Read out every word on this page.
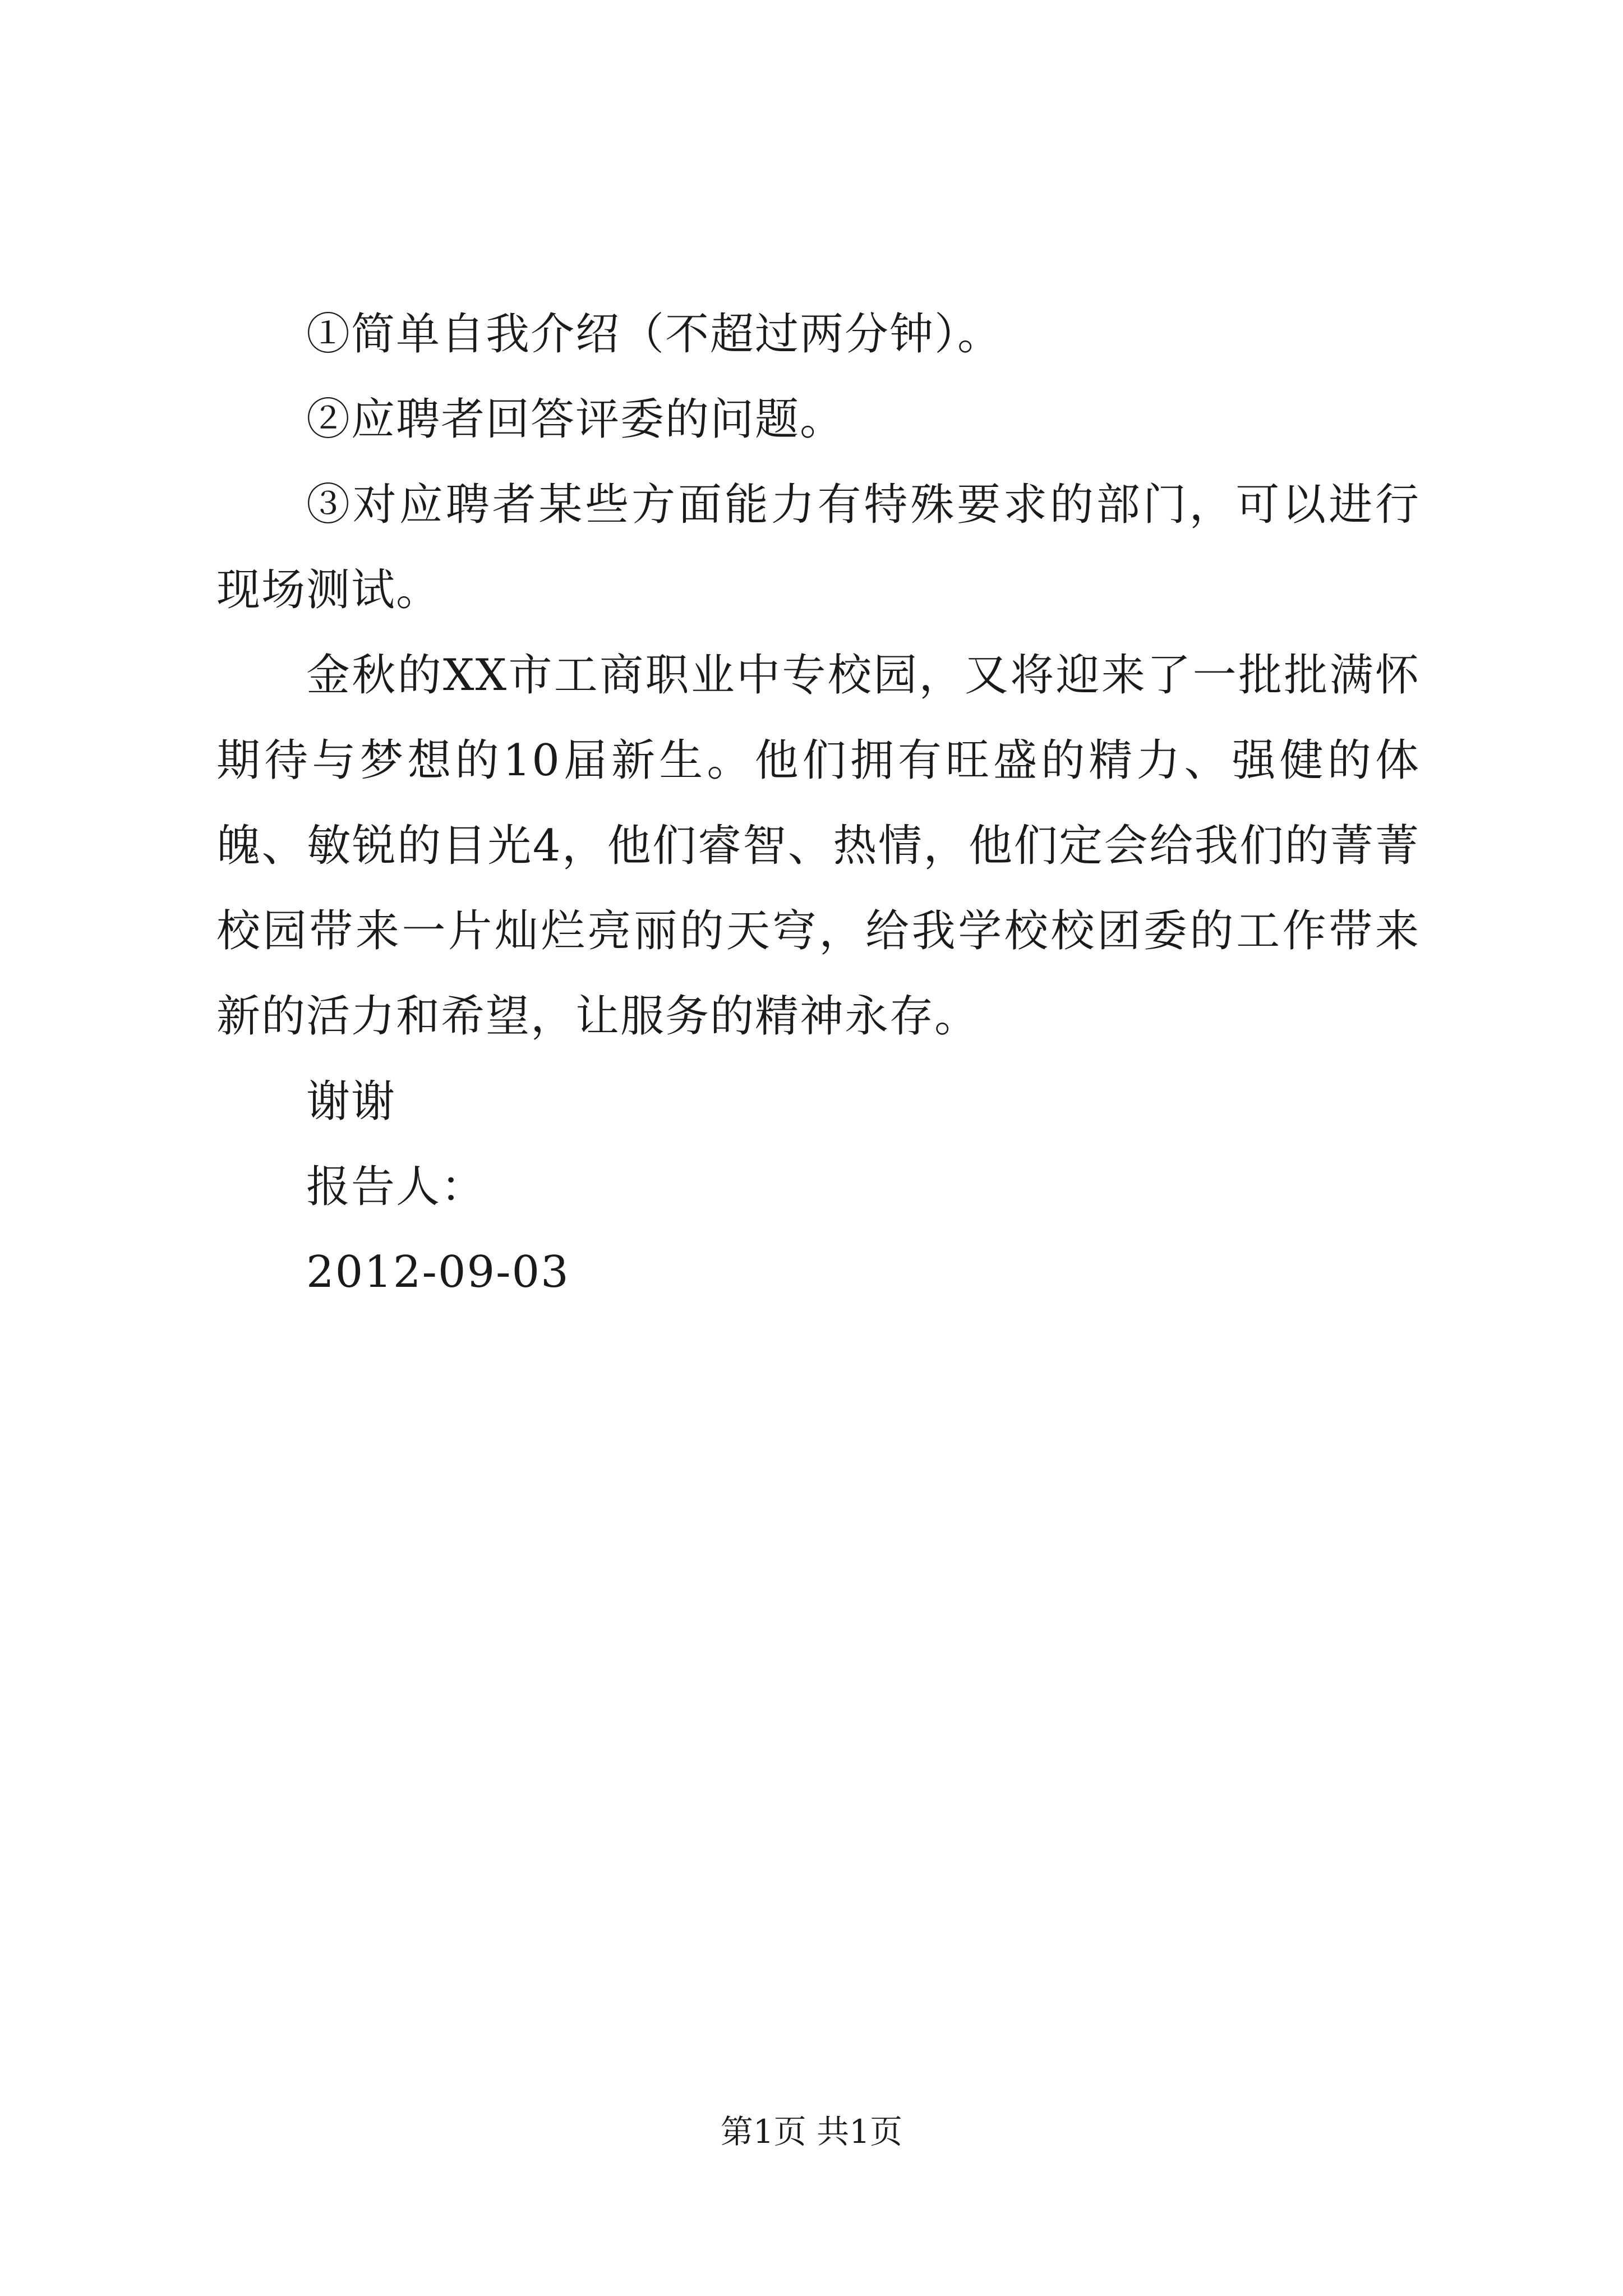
①简单自我介绍（不超过两分钟）。

②应聘者回答评委的问题。

③对应聘者某些方面能力有特殊要求的部门，可以进行现场测试。

金秋的XX市工商职业中专校园，又将迎来了一批批满怀期待与梦想的10届新生。他们拥有旺盛的精力、强健的体魄、敏锐的目光4，他们睿智、热情，他们定会给我们的菁菁校园带来一片灿烂亮丽的天穹，给我学校校团委的工作带来新的活力和希望，让服务的精神永存。

谢谢

报告人：

2012-09-03

第1页 共1页
